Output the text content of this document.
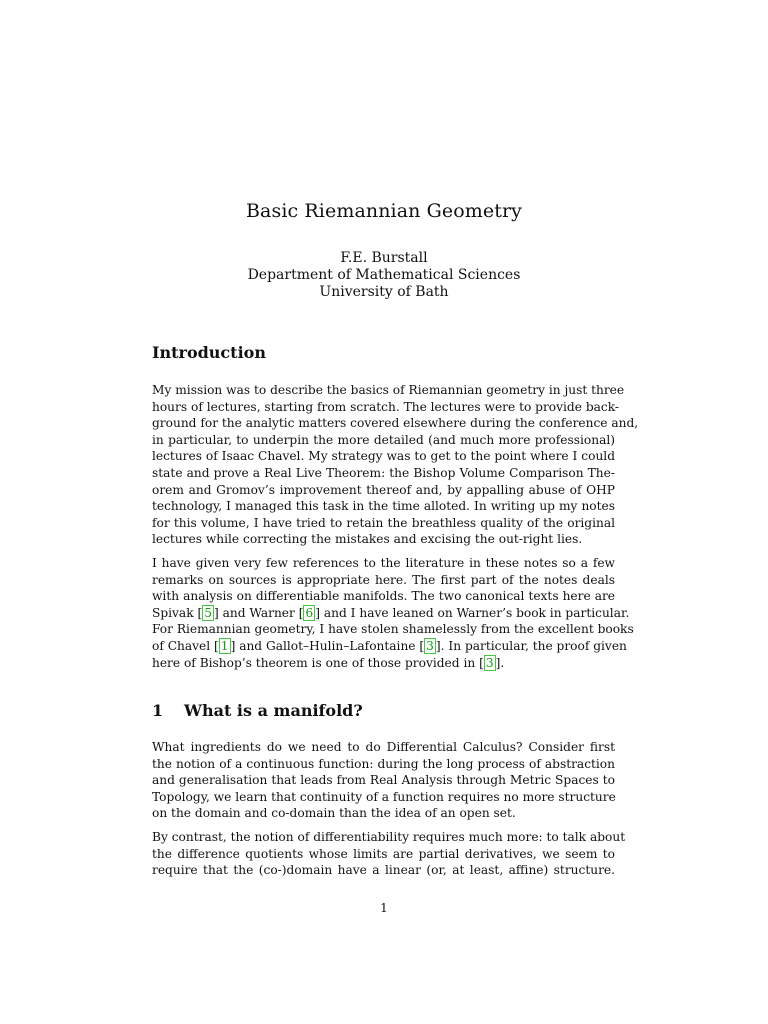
Basic Riemannian Geometry
F.E. Burstall
Department of Mathematical Sciences
University of Bath
Introduction
My mission was to describe the basics of Riemannian geometry in just three
hours of lectures, starting from scratch. The lectures were to provide back-
ground for the analytic matters covered elsewhere during the conference and,
in particular, to underpin the more detailed (and much more professional)
lectures of Isaac Chavel. My strategy was to get to the point where I could
state and prove a Real Live Theorem: the Bishop Volume Comparison The-
orem and Gromov’s improvement thereof and, by appalling abuse of OHP
technology, I managed this task in the time alloted. In writing up my notes
for this volume, I have tried to retain the breathless quality of the original
lectures while correcting the mistakes and excising the out-right lies.
I have given very few references to the literature in these notes so a few
remarks on sources is appropriate here. The first part of the notes deals
with analysis on differentiable manifolds. The two canonical texts here are
Spivak [ 5 ] and Warner [ 6 ] and I have leaned on Warner’s book in particular.
For Riemannian geometry, I have stolen shamelessly from the excellent books
of Chavel [ 1 ] and Gallot–Hulin–Lafontaine [ 3 ]. In particular, the proof given
here of Bishop’s theorem is one of those provided in [ 3 ].
1 What is a manifold?
What ingredients do we need to do Differential Calculus? Consider first
the notion of a continuous function: during the long process of abstraction
and generalisation that leads from Real Analysis through Metric Spaces to
Topology, we learn that continuity of a function requires no more structure
on the domain and co-domain than the idea of an open set.
By contrast, the notion of differentiability requires much more: to talk about
the difference quotients whose limits are partial derivatives, we seem to
require that the (co-)domain have a linear (or, at least, affine) structure.
1
